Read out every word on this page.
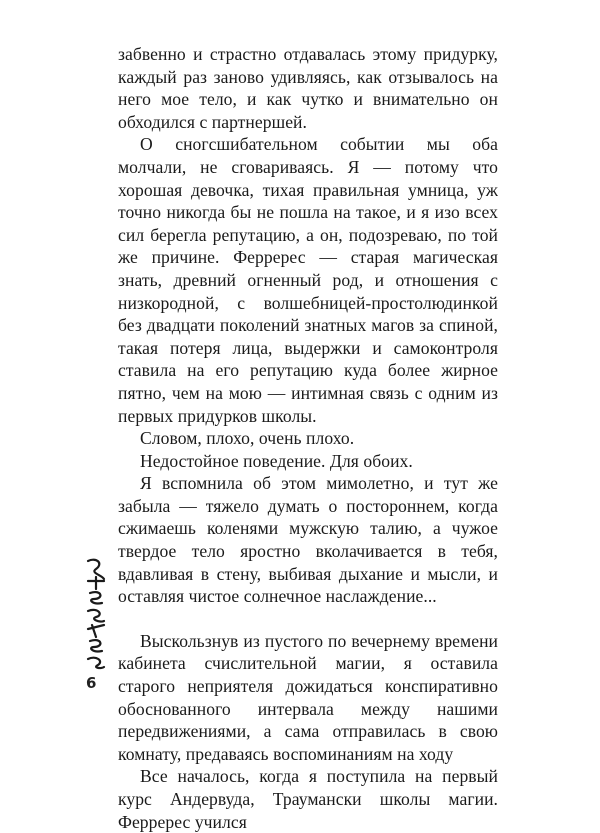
забвенно и страстно отдавалась этому придурку, каждый раз заново удивляясь, как отзывалось на него мое тело, и как чутко и внимательно он обходился с партнершей.

О сногсшибательном событии мы оба молчали, не сговариваясь. Я — потому что хорошая девочка, тихая правильная умница, уж точно никогда бы не пошла на такое, и я изо всех сил берегла репутацию, а он, подозреваю, по той же причине. Ферререс — старая магическая знать, древний огненный род, и отношения с низкородной, с волшебницей-простолюдинкой без двадцати поколений знатных магов за спиной, такая потеря лица, выдержки и самоконтроля ставила на его репутацию куда более жирное пятно, чем на мою — интимная связь с одним из первых придурков школы.

Словом, плохо, очень плохо.

Недостойное поведение. Для обоих.

Я вспомнила об этом мимолетно, и тут же забыла — тяжело думать о постороннем, когда сжимаешь коленями мужскую талию, а чужое твердое тело яростно вколачивается в тебя, вдавливая в стену, выбивая дыхание и мысли, и оставляя чистое солнечное наслаждение...

Выскользнув из пустого по вечернему времени кабинета счислительной магии, я оставила старого неприятеля дожидаться конспиративно обоснованного интервала между нашими передвижениями, а сама отправилась в свою комнату, предаваясь воспоминаниям на ходу

Все началось, когда я поступила на первый курс Андервуда, Траумански школы магии. Ферререс учился

6
